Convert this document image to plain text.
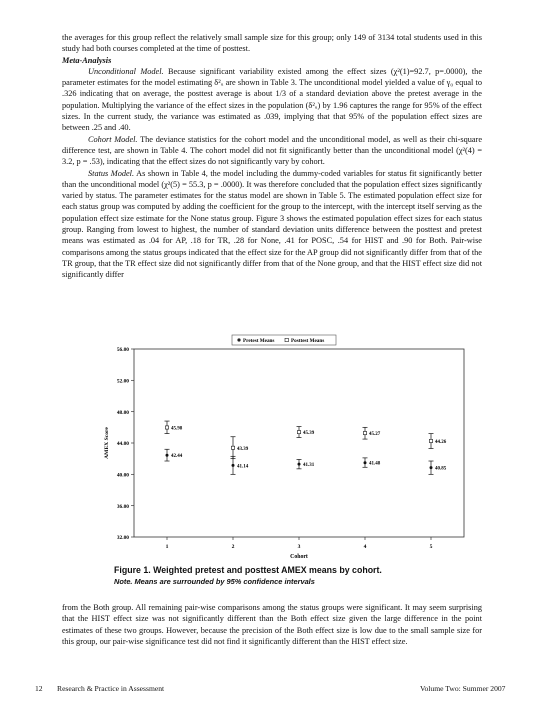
the averages for this group reflect the relatively small sample size for this group; only 149 of 3134 total students used in this study had both courses completed at the time of posttest.

Meta-Analysis

Unconditional Model. Because significant variability existed among the effect sizes (χ²(1)=92.7, p=.0000), the parameter estimates for the model estimating δ²ᵤ are shown in Table 3. The unconditional model yielded a value of γ₀ equal to .326 indicating that on average, the posttest average is about 1/3 of a standard deviation above the pretest average in the population. Multiplying the variance of the effect sizes in the population (δ²ᵤ) by 1.96 captures the range for 95% of the effect sizes. In the current study, the variance was estimated as .039, implying that that 95% of the population effect sizes are between .25 and .40.

Cohort Model. The deviance statistics for the cohort model and the unconditional model, as well as their chi-square difference test, are shown in Table 4. The cohort model did not fit significantly better than the unconditional model (χ²(4) = 3.2, p = .53), indicating that the effect sizes do not significantly vary by cohort.

Status Model. As shown in Table 4, the model including the dummy-coded variables for status fit significantly better than the unconditional model (χ²(5) = 55.3, p = .0000). It was therefore concluded that the population effect sizes significantly varied by status. The parameter estimates for the status model are shown in Table 5. The estimated population effect size for each status group was computed by adding the coefficient for the group to the intercept, with the intercept itself serving as the population effect size estimate for the None status group. Figure 3 shows the estimated population effect sizes for each status group. Ranging from lowest to highest, the number of standard deviation units difference between the posttest and pretest means was estimated as .04 for AP, .18 for TR, .28 for None, .41 for POSC, .54 for HIST and .90 for Both. Pair-wise comparisons among the status groups indicated that the effect size for the AP group did not significantly differ from that of the TR group, that the TR effect size did not significantly differ from that of the None group, and that the HIST effect size did not significantly differ

Pretest Means	Posttest Means
32.00
36.00
40.00
44.00
48.00
52.00
56.00
1	2	3	4	5
Cohort
AMEX Score	42.44
41.14	41.31	41.48
40.85
45.98
43.39
45.39	45.27
44.26
Figure 1. Weighted pretest and posttest AMEX means by cohort.
Note. Means are surrounded by 95% confidence intervals

from the Both group. All remaining pair-wise comparisons among the status groups were significant. It may seem surprising that the HIST effect size was not significantly different than the Both effect size given the large difference in the point estimates of these two groups. However, because the precision of the Both effect size is low due to the small sample size for this group, our pair-wise significance test did not find it significantly different than the HIST effect size.

12 Research & Practice in Assessment	Volume Two: Summer 2007
